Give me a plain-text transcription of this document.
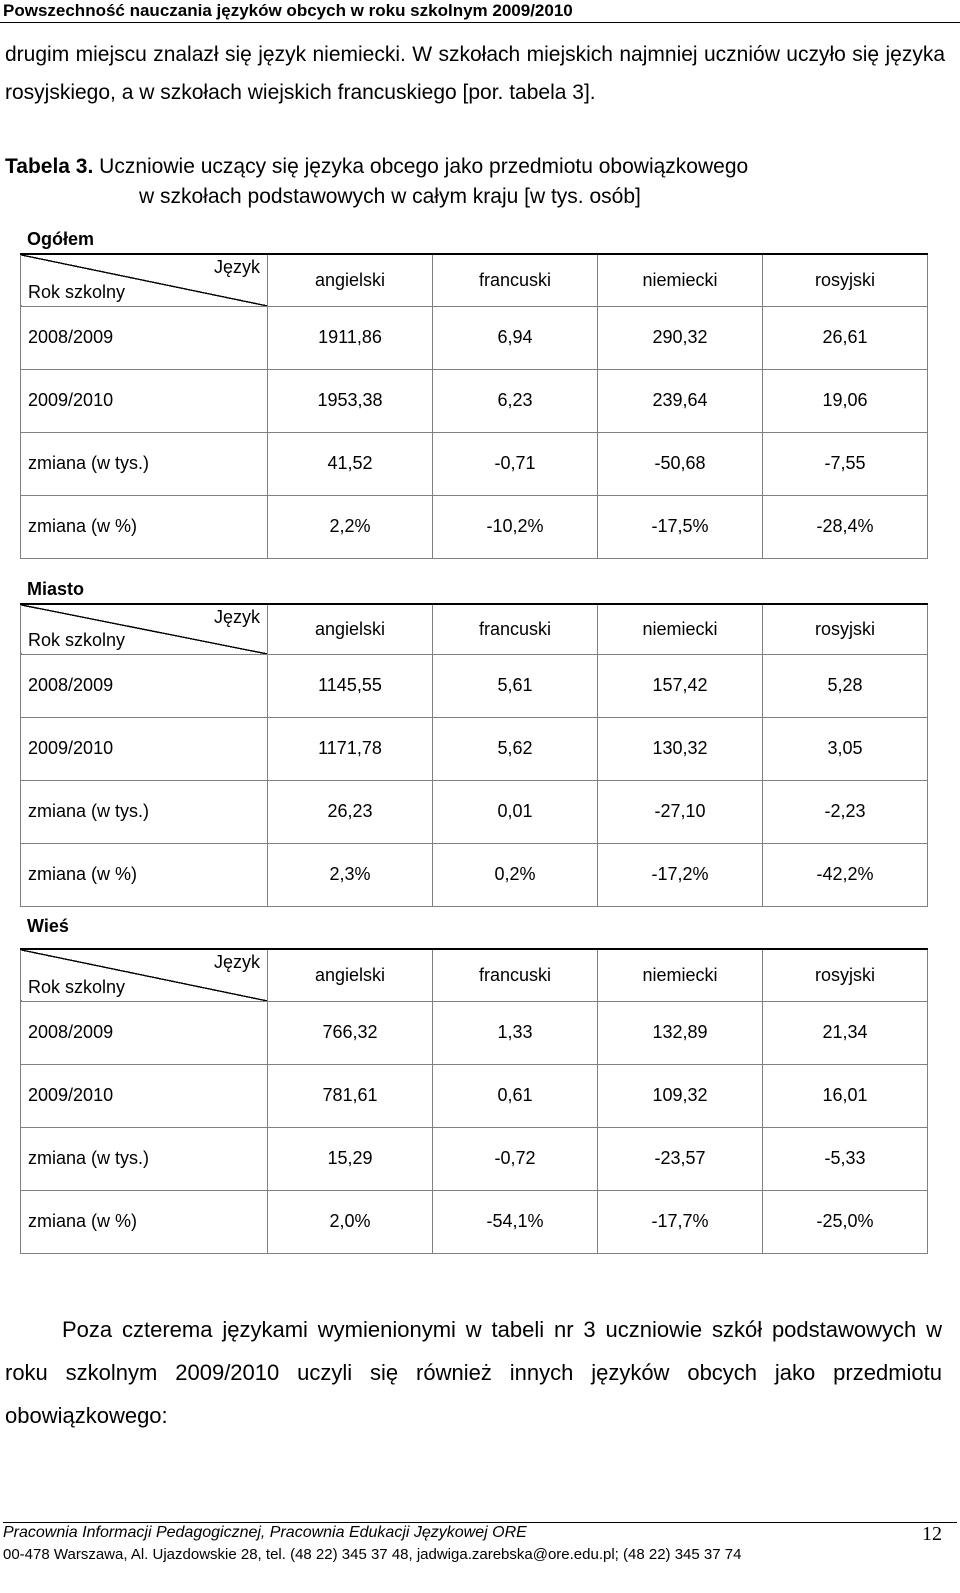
Powszechność nauczania języków obcych w roku szkolnym 2009/2010
drugim miejscu znalazł się język niemiecki. W szkołach miejskich najmniej uczniów uczyło się języka rosyjskiego, a w szkołach wiejskich francuskiego [por. tabela 3].
Tabela 3. Uczniowie uczący się języka obcego jako przedmiotu obowiązkowego
w szkołach podstawowych w całym kraju [w tys. osób]
Ogółem
Język
Rok szkolny	angielski	francuski	niemiecki	rosyjski
2008/2009	1911,86	6,94	290,32	26,61
2009/2010	1953,38	6,23	239,64	19,06
zmiana (w tys.)	41,52	-0,71	-50,68	-7,55
zmiana (w %)	2,2%	-10,2%	-17,5%	-28,4%
Miasto
Język
Rok szkolny	angielski	francuski	niemiecki	rosyjski
2008/2009	1145,55	5,61	157,42	5,28
2009/2010	1171,78	5,62	130,32	3,05
zmiana (w tys.)	26,23	0,01	-27,10	-2,23
zmiana (w %)	2,3%	0,2%	-17,2%	-42,2%
Wieś
Język
Rok szkolny	angielski	francuski	niemiecki	rosyjski
2008/2009	766,32	1,33	132,89	21,34
2009/2010	781,61	0,61	109,32	16,01
zmiana (w tys.)	15,29	-0,72	-23,57	-5,33
zmiana (w %)	2,0%	-54,1%	-17,7%	-25,0%
Poza czterema językami wymienionymi w tabeli nr 3 uczniowie szkół podstawowych w roku szkolnym 2009/2010 uczyli się również innych języków obcych jako przedmiotu obowiązkowego:
Pracownia Informacji Pedagogicznej, Pracownia Edukacji Językowej ORE
00-478 Warszawa, Al. Ujazdowskie 28, tel. (48 22) 345 37 48, jadwiga.zarebska@ore.edu.pl; (48 22) 345 37 74
12
